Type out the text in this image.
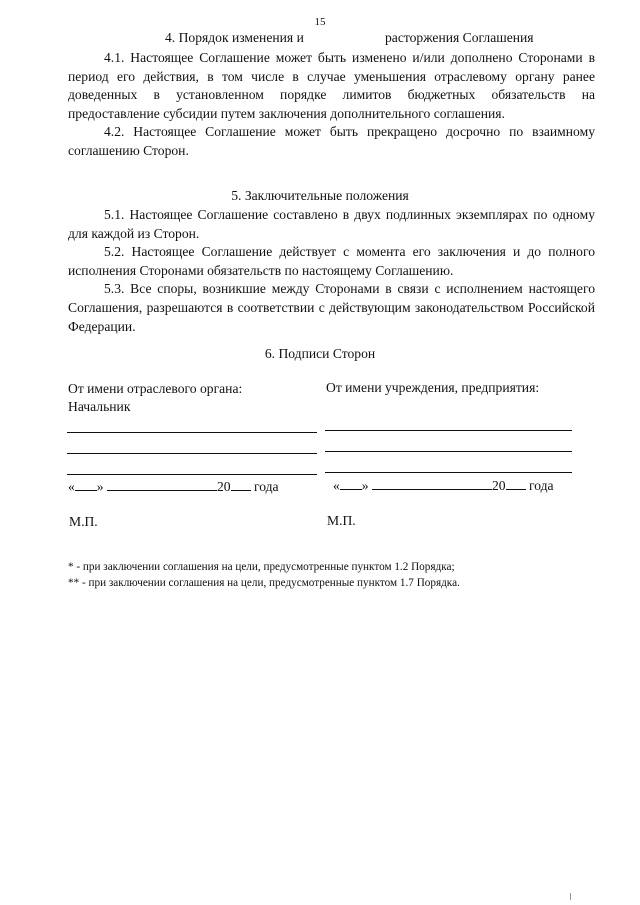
15
4. Порядок изменения и	расторжения Соглашения

4.1. Настоящее Соглашение может быть изменено и/или дополнено Сторонами в период его действия, в том числе в случае уменьшения отраслевому органу ранее доведенных в установленном порядке лимитов бюджетных обязательств на предоставление субсидии путем заключения дополнительного соглашения.

4.2. Настоящее Соглашение может быть прекращено досрочно по взаимному соглашению Сторон.

5. Заключительные положения

5.1. Настоящее Соглашение составлено в двух подлинных экземплярах по одному для каждой из Сторон.

5.2. Настоящее Соглашение действует с момента его заключения и до полного исполнения Сторонами обязательств по настоящему Соглашению.

5.3. Все споры, возникшие между Сторонами в связи с исполнением настоящего Соглашения, разрешаются в соответствии с действующим законодательством Российской Федерации.

6. Подписи Сторон
От имени отраслевого органа:
Начальник
От имени учреждения, предприятия:
« »	20 года	« »	20 года
М.П.	М.П.
* - при заключении соглашения на цели, предусмотренные пунктом 1.2 Порядка;
** - при заключении соглашения на цели, предусмотренные пунктом 1.7 Порядка.
